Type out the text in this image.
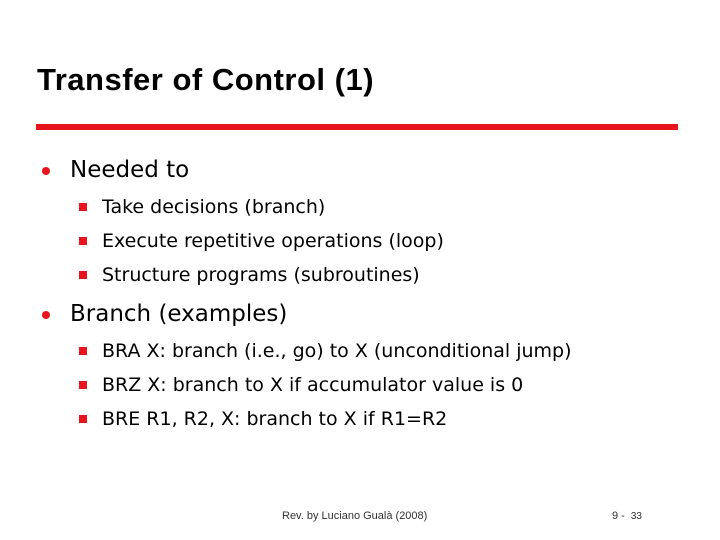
Transfer of Control (1)
Needed to
Take decisions (branch)
Execute repetitive operations (loop)
Structure programs (subroutines)
Branch (examples)
BRA X: branch (i.e., go) to X (unconditional jump)
BRZ X: branch to X if accumulator value is 0
BRE R1, R2, X: branch to X if R1=R2
Rev. by Luciano Gualà (2008)	9 - 33
